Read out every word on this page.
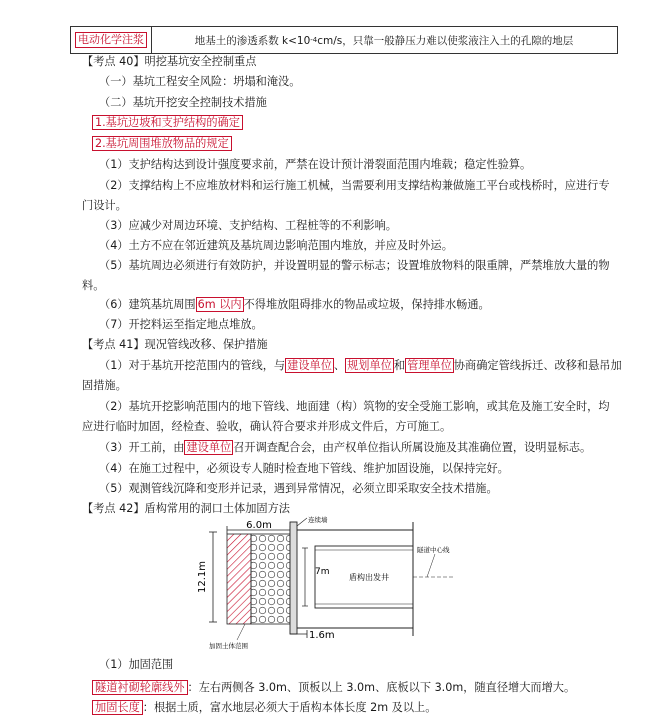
电动化学注浆	地基土的渗透系数 k<10 -4 cm/s，只靠一般静压力难以使浆液注入土的孔隙的地层
【考点 40】明挖基坑安全控制重点
（一）基坑工程安全风险：坍塌和淹没。
（二）基坑开挖安全控制技术措施
1.基坑边坡和支护结构的确定
2.基坑周围堆放物品的规定
（1）支护结构达到设计强度要求前，严禁在设计预计滑裂面范围内堆载；稳定性验算。
（2）支撑结构上不应堆放材料和运行施工机械，当需要利用支撑结构兼做施工平台或栈桥时，应进行专
门设计。
（3）应减少对周边环境、支护结构、工程桩等的不利影响。
（4）土方不应在邻近建筑及基坑周边影响范围内堆放，并应及时外运。
（5）基坑周边必须进行有效防护，并设置明显的警示标志；设置堆放物料的限重牌，严禁堆放大量的物
料。
（6）建筑基坑周围 6m 以内 不得堆放阻碍排水的物品或垃圾，保持排水畅通。
（7）开挖料运至指定地点堆放。
【考点 41】现况管线改移、保护措施
（1）对于基坑开挖范围内的管线，与 建设单位 、 规划单位 和 管理单位 协商确定管线拆迁、改移和悬吊加
固措施。
（2）基坑开挖影响范围内的地下管线、地面建（构）筑物的安全受施工影响，或其危及施工安全时，均
应进行临时加固，经检查、验收，确认符合要求并形成文件后，方可施工。
（3）开工前，由 建设单位 召开调查配合会，由产权单位指认所属设施及其准确位置，设明显标志。
（4）在施工过程中，必须设专人随时检查地下管线、维护加固设施，以保持完好。
（5）观测管线沉降和变形并记录，遇到异常情况，必须立即采取安全技术措施。
【考点 42】盾构常用的洞口土体加固方法
6.0m
12.1m
连续墙
盾构出发井
7m
隧道中心线
1.6m
加固土体范围
（1）加固范围
隧道衬砌轮廓线外 ：左右两侧各 3.0m、顶板以上 3.0m、底板以下 3.0m，随直径增大而增大。
加固长度 ：根据土质，富水地层必须大于盾构本体长度 2m 及以上。
